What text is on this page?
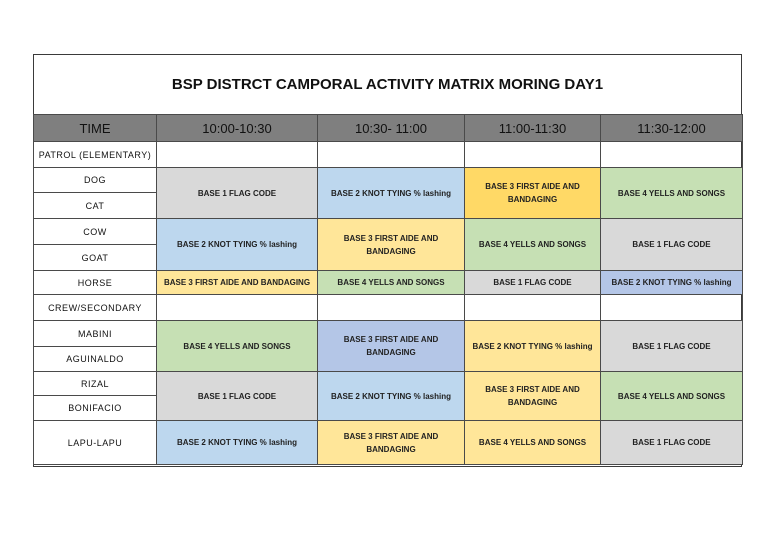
BSP DISTRCT CAMPORAL ACTIVITY MATRIX MORING DAY1
TIME	10:00-10:30	10:30- 11:00	11:00-11:30	11:30-12:00
PATROL (ELEMENTARY)				
DOG	BASE 1 FLAG CODE	BASE 2 KNOT TYING % lashing	BASE 3 FIRST AIDE AND BANDAGING	BASE 4 YELLS AND SONGS
CAT				
COW	BASE 2 KNOT TYING % lashing	BASE 3 FIRST AIDE AND BANDAGING	BASE 4 YELLS AND SONGS	BASE 1 FLAG CODE
GOAT				
HORSE	BASE 3 FIRST AIDE AND BANDAGING	BASE 4 YELLS AND SONGS	BASE 1 FLAG CODE	BASE 2 KNOT TYING % lashing
CREW/SECONDARY				
MABINI	BASE 4 YELLS AND SONGS	BASE 3 FIRST AIDE AND BANDAGING	BASE 2 KNOT TYING % lashing	BASE 1 FLAG CODE
AGUINALDO				
RIZAL	BASE 1 FLAG CODE	BASE 2 KNOT TYING % lashing	BASE 3 FIRST AIDE AND BANDAGING	BASE 4 YELLS AND SONGS
BONIFACIO				
LAPU-LAPU	BASE 2 KNOT TYING % lashing	BASE 3 FIRST AIDE AND BANDAGING	BASE 4 YELLS AND SONGS	BASE 1 FLAG CODE
